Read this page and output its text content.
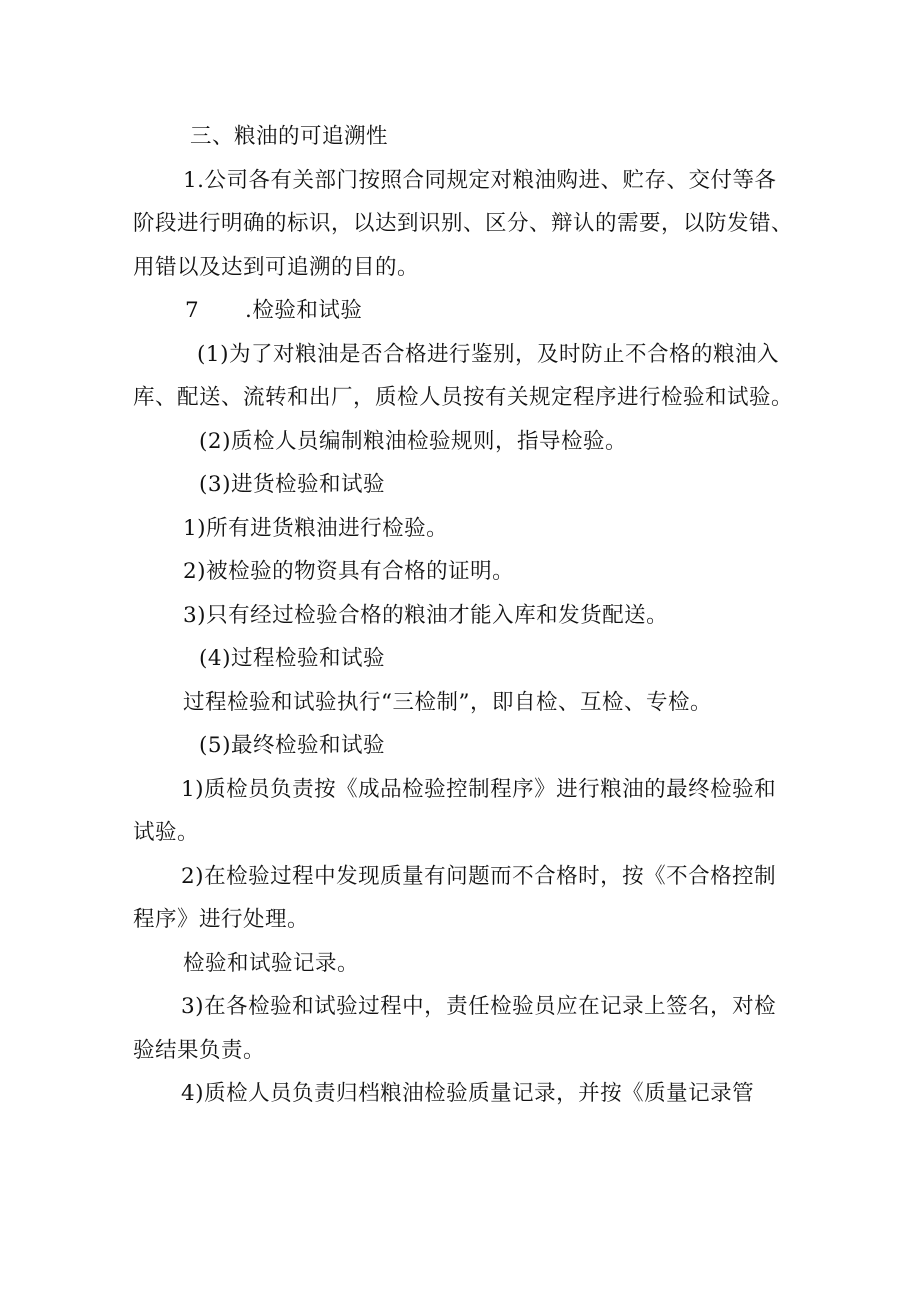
三、粮油的可追溯性

1.公司各有关部门按照合同规定对粮油购进、贮存、交付等各阶段进行明确的标识，以达到识别、区分、辩认的需要，以防发错、用错以及达到可追溯的目的。

7 .检验和试验

(1)为了对粮油是否合格进行鉴别，及时防止不合格的粮油入库、配送、流转和出厂，质检人员按有关规定程序进行检验和试验。

(2)质检人员编制粮油检验规则，指导检验。

(3)进货检验和试验

1)所有进货粮油进行检验。

2)被检验的物资具有合格的证明。

3)只有经过检验合格的粮油才能入库和发货配送。

(4)过程检验和试验

过程检验和试验执行“三检制”，即自检、互检、专检。

(5)最终检验和试验

1)质检员负责按《成品检验控制程序》进行粮油的最终检验和试验。

2)在检验过程中发现质量有问题而不合格时，按《不合格控制程序》进行处理。

检验和试验记录。

3)在各检验和试验过程中，责任检验员应在记录上签名，对检验结果负责。

4)质检人员负责归档粮油检验质量记录，并按《质量记录管
